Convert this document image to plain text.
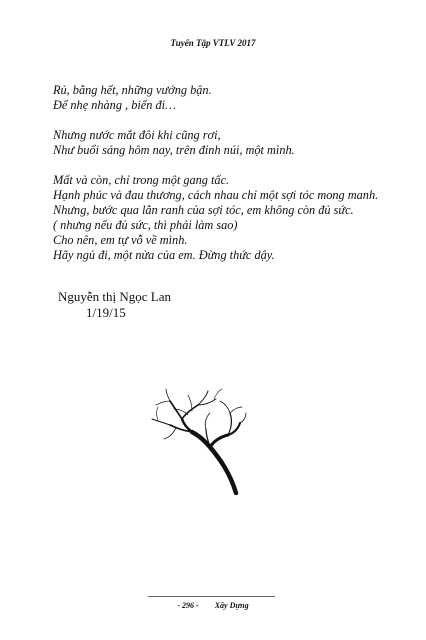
Tuyển Tập VTLV 2017
Rủ, bằng hết, những vướng bận.
Để nhẹ nhàng , biến đi…
Nhưng nước mắt đôi khi cũng rơi,
Như buổi sáng hôm nay, trên đỉnh núi, một mình.
Mất và còn, chỉ trong một gang tấc.
Hạnh phúc và đau thương, cách nhau chỉ một sợi tóc mong manh.
Nhưng, bước qua lằn ranh của sợi tóc, em không còn đủ sức.
( nhưng nếu đủ sức, thì phải làm sao)
Cho nên, em tự vỗ về mình.
Hãy ngủ đi, một nửa của em. Đừng thức dậy.
Nguyễn thị Ngọc Lan
1/19/15
- 296 - Xây Dựng
